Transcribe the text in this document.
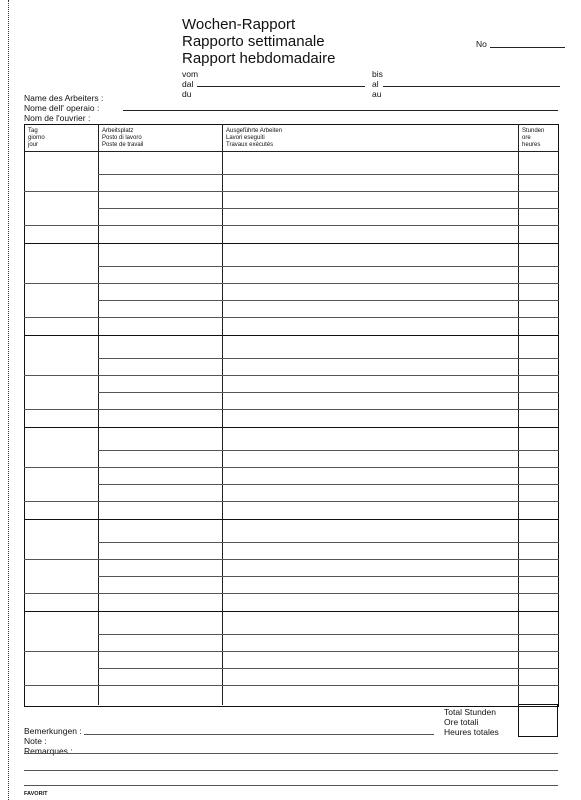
Wochen-Rapport
Rapporto settimanale
Rapport hebdomadaire
No
vom
dal
du
bis
al
au
Name des Arbeiters :
Nome dell' operaio :
Nom de l'ouvrier :
Tag
giorno
jour
Arbeitsplatz
Posto di lavoro
Poste de travail
Ausgeführte Arbeiten
Lavori eseguiti
Travaux exécutés
Stunden
ore
heures
Total Stunden
Ore totali
Heures totales
Bemerkungen :
Note :
Remarques :
FAVORIT
